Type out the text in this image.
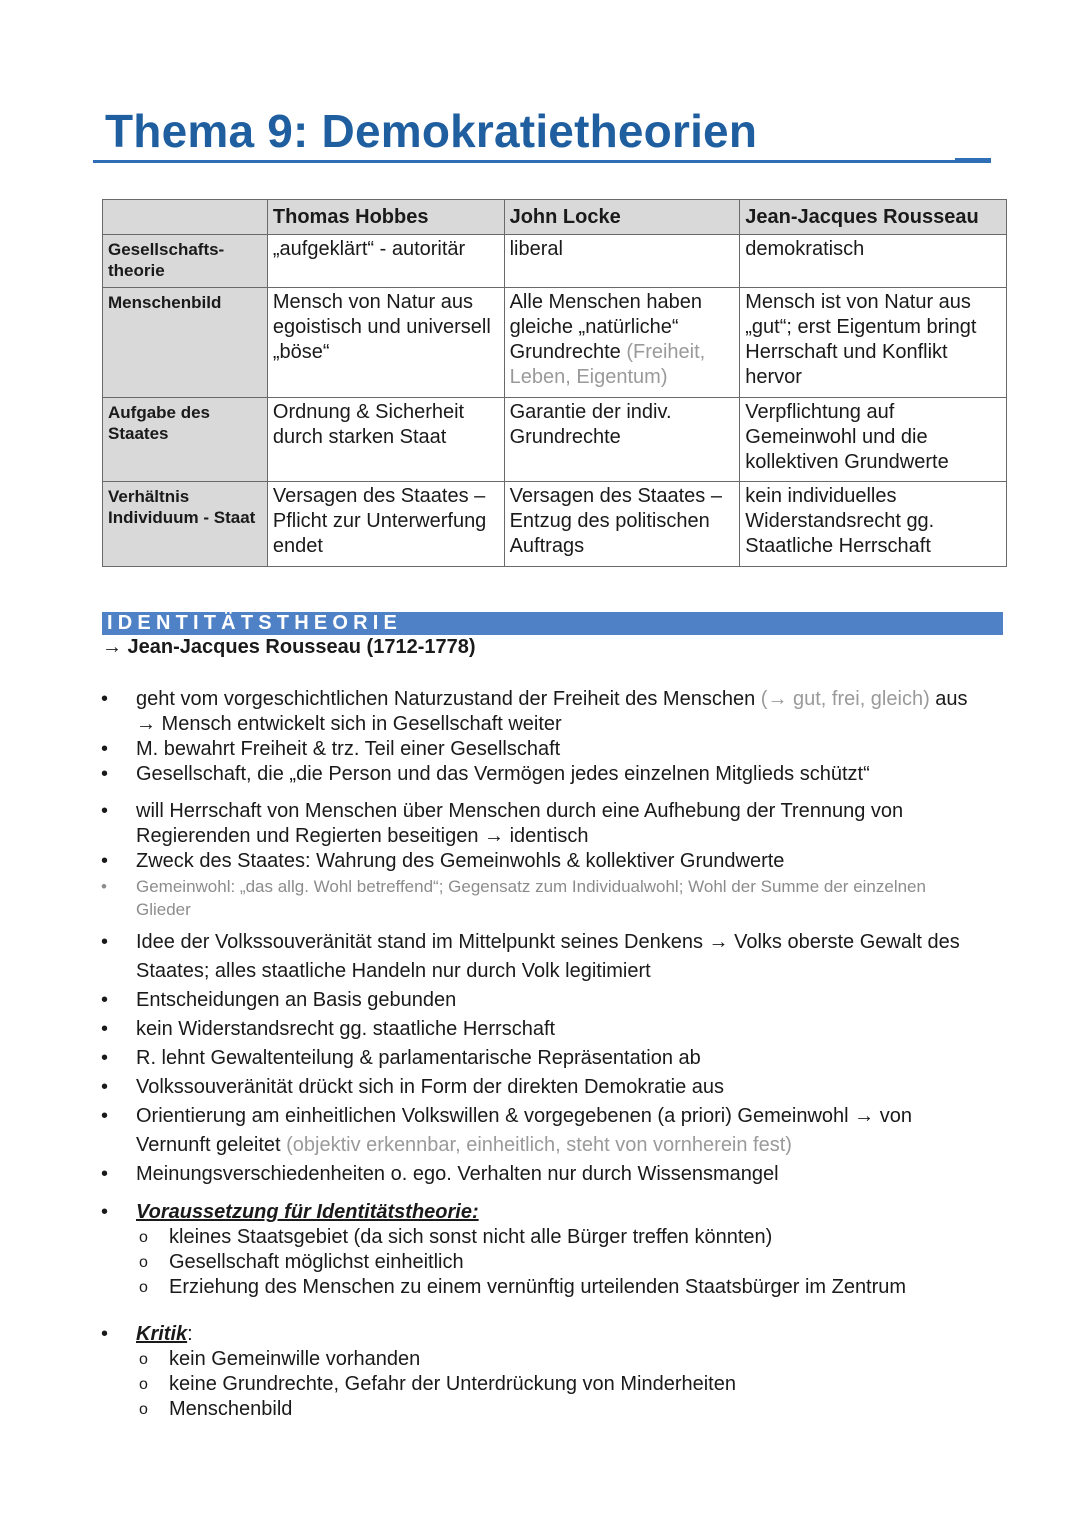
Thema 9: Demokratietheorien
	Thomas Hobbes	John Locke	Jean-Jacques Rousseau
Gesellschafts- theorie	„aufgeklärt“ - autoritär	liberal	demokratisch
Menschenbild	Mensch von Natur aus egoistisch und universell „böse“	Alle Menschen haben gleiche „natürliche“ Grundrechte (Freiheit, Leben, Eigentum)	Mensch ist von Natur aus „gut“; erst Eigentum bringt Herrschaft und Konflikt hervor
Aufgabe des Staates	Ordnung & Sicherheit durch starken Staat	Garantie der indiv. Grundrechte	Verpflichtung auf Gemeinwohl und die kollektiven Grundwerte
Verhältnis Individuum - Staat	Versagen des Staates – Pflicht zur Unterwerfung endet	Versagen des Staates – Entzug des politischen Auftrags	kein individuelles Widerstandsrecht gg. Staatliche Herrschaft
IDENTITÄTSTHEORIE
→ Jean-Jacques Rousseau (1712-1778)
• geht vom vorgeschichtlichen Naturzustand der Freiheit des Menschen (→ gut, frei, gleich) aus → Mensch entwickelt sich in Gesellschaft weiter
• M. bewahrt Freiheit & trz. Teil einer Gesellschaft
• Gesellschaft, die „die Person und das Vermögen jedes einzelnen Mitglieds schützt“
• will Herrschaft von Menschen über Menschen durch eine Aufhebung der Trennung von Regierenden und Regierten beseitigen → identisch
• Zweck des Staates: Wahrung des Gemeinwohls & kollektiver Grundwerte
• Gemeinwohl: „das allg. Wohl betreffend“; Gegensatz zum Individualwohl; Wohl der Summe der einzelnen Glieder
• Idee der Volkssouveränität stand im Mittelpunkt seines Denkens → Volks oberste Gewalt des Staates; alles staatliche Handeln nur durch Volk legitimiert
• Entscheidungen an Basis gebunden
• kein Widerstandsrecht gg. staatliche Herrschaft
• R. lehnt Gewaltenteilung & parlamentarische Repräsentation ab
• Volkssouveränität drückt sich in Form der direkten Demokratie aus
• Orientierung am einheitlichen Volkswillen & vorgegebenen (a priori) Gemeinwohl → von Vernunft geleitet (objektiv erkennbar, einheitlich, steht von vornherein fest)
• Meinungsverschiedenheiten o. ego. Verhalten nur durch Wissensmangel
• Voraussetzung für Identitätstheorie:
o kleines Staatsgebiet (da sich sonst nicht alle Bürger treffen könnten)
o Gesellschaft möglichst einheitlich
o Erziehung des Menschen zu einem vernünftig urteilenden Staatsbürger im Zentrum
• Kritik:
o kein Gemeinwille vorhanden
o keine Grundrechte, Gefahr der Unterdrückung von Minderheiten
o Menschenbild
